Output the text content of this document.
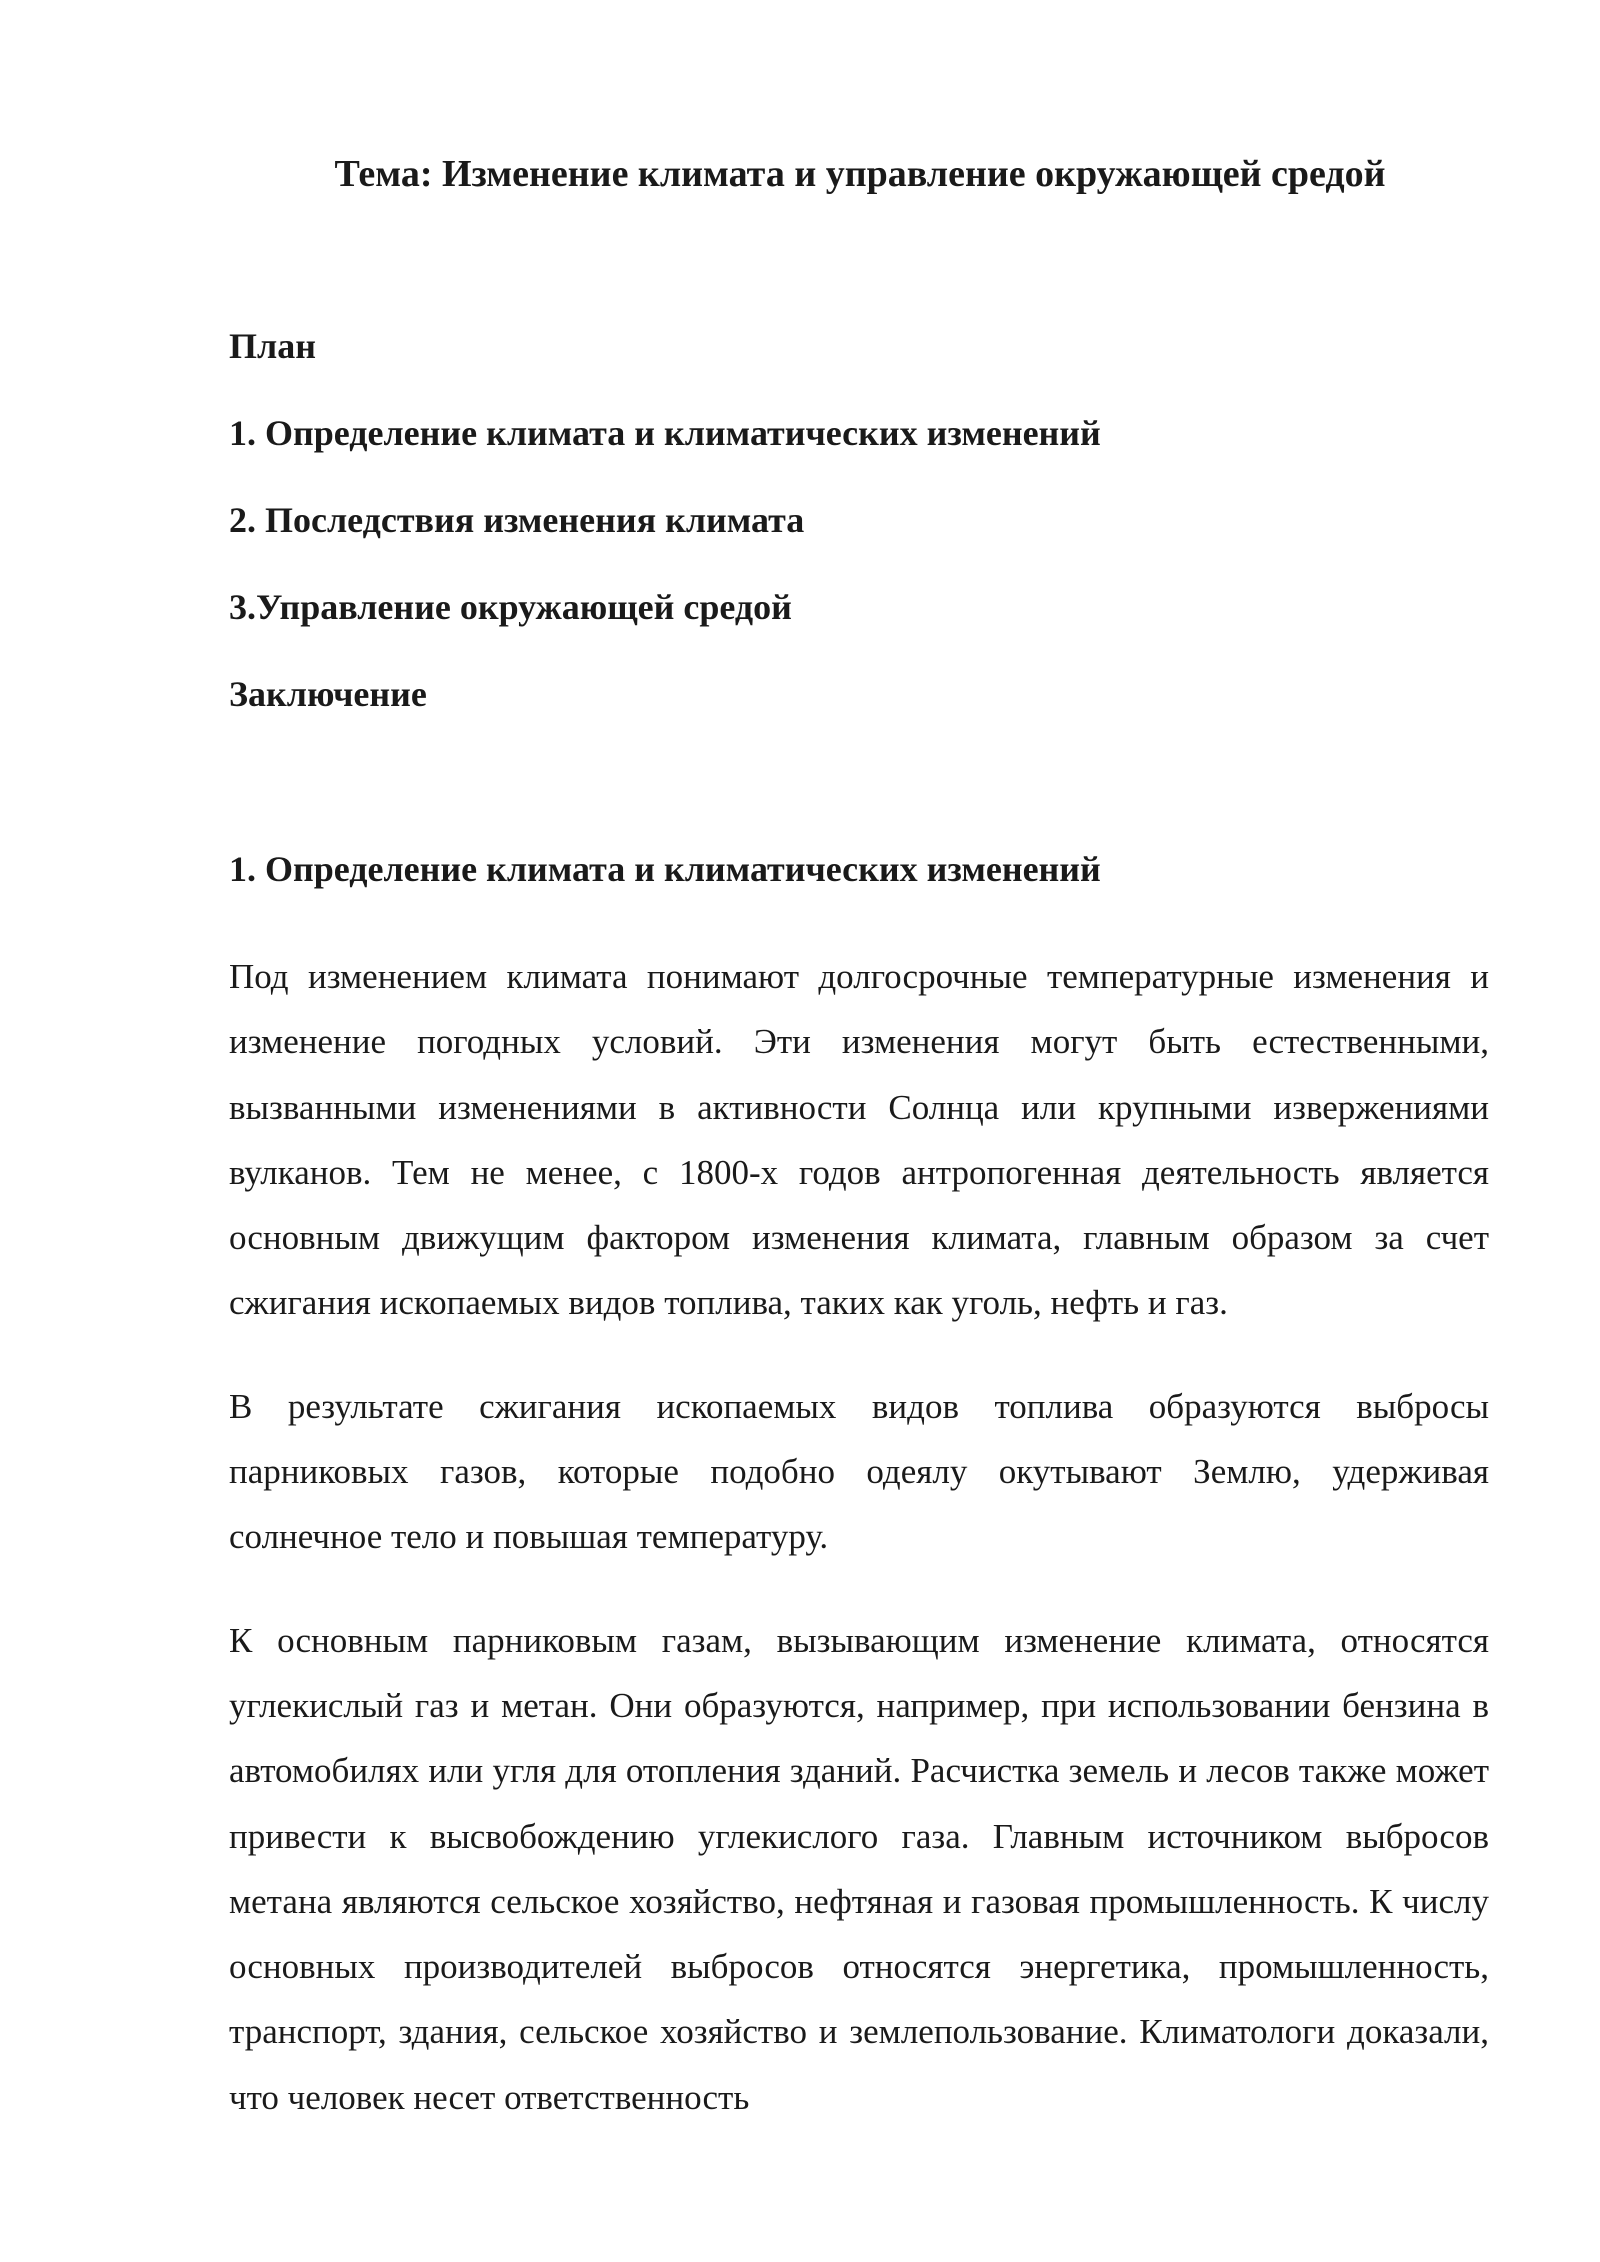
Тема: Изменение климата и управление окружающей средой
План
1. Определение климата и климатических изменений
2. Последствия изменения климата
3.Управление окружающей средой
Заключение
1. Определение климата и климатических изменений

Под изменением климата понимают долгосрочные температурные изменения и изменение погодных условий. Эти изменения могут быть естественными, вызванными изменениями в активности Солнца или крупными извержениями вулканов. Тем не менее, с 1800-х годов антропогенная деятельность является основным движущим фактором изменения климата, главным образом за счет сжигания ископаемых видов топлива, таких как уголь, нефть и газ.

В результате сжигания ископаемых видов топлива образуются выбросы парниковых газов, которые подобно одеялу окутывают Землю, удерживая солнечное тело и повышая температуру.

К основным парниковым газам, вызывающим изменение климата, относятся углекислый газ и метан. Они образуются, например, при использовании бензина в автомобилях или угля для отопления зданий. Расчистка земель и лесов также может привести к высвобождению углекислого газа. Главным источником выбросов метана являются сельское хозяйство, нефтяная и газовая промышленность. К числу основных производителей выбросов относятся энергетика, промышленность, транспорт, здания, сельское хозяйство и землепользование. Климатологи доказали, что человек несет ответственность
